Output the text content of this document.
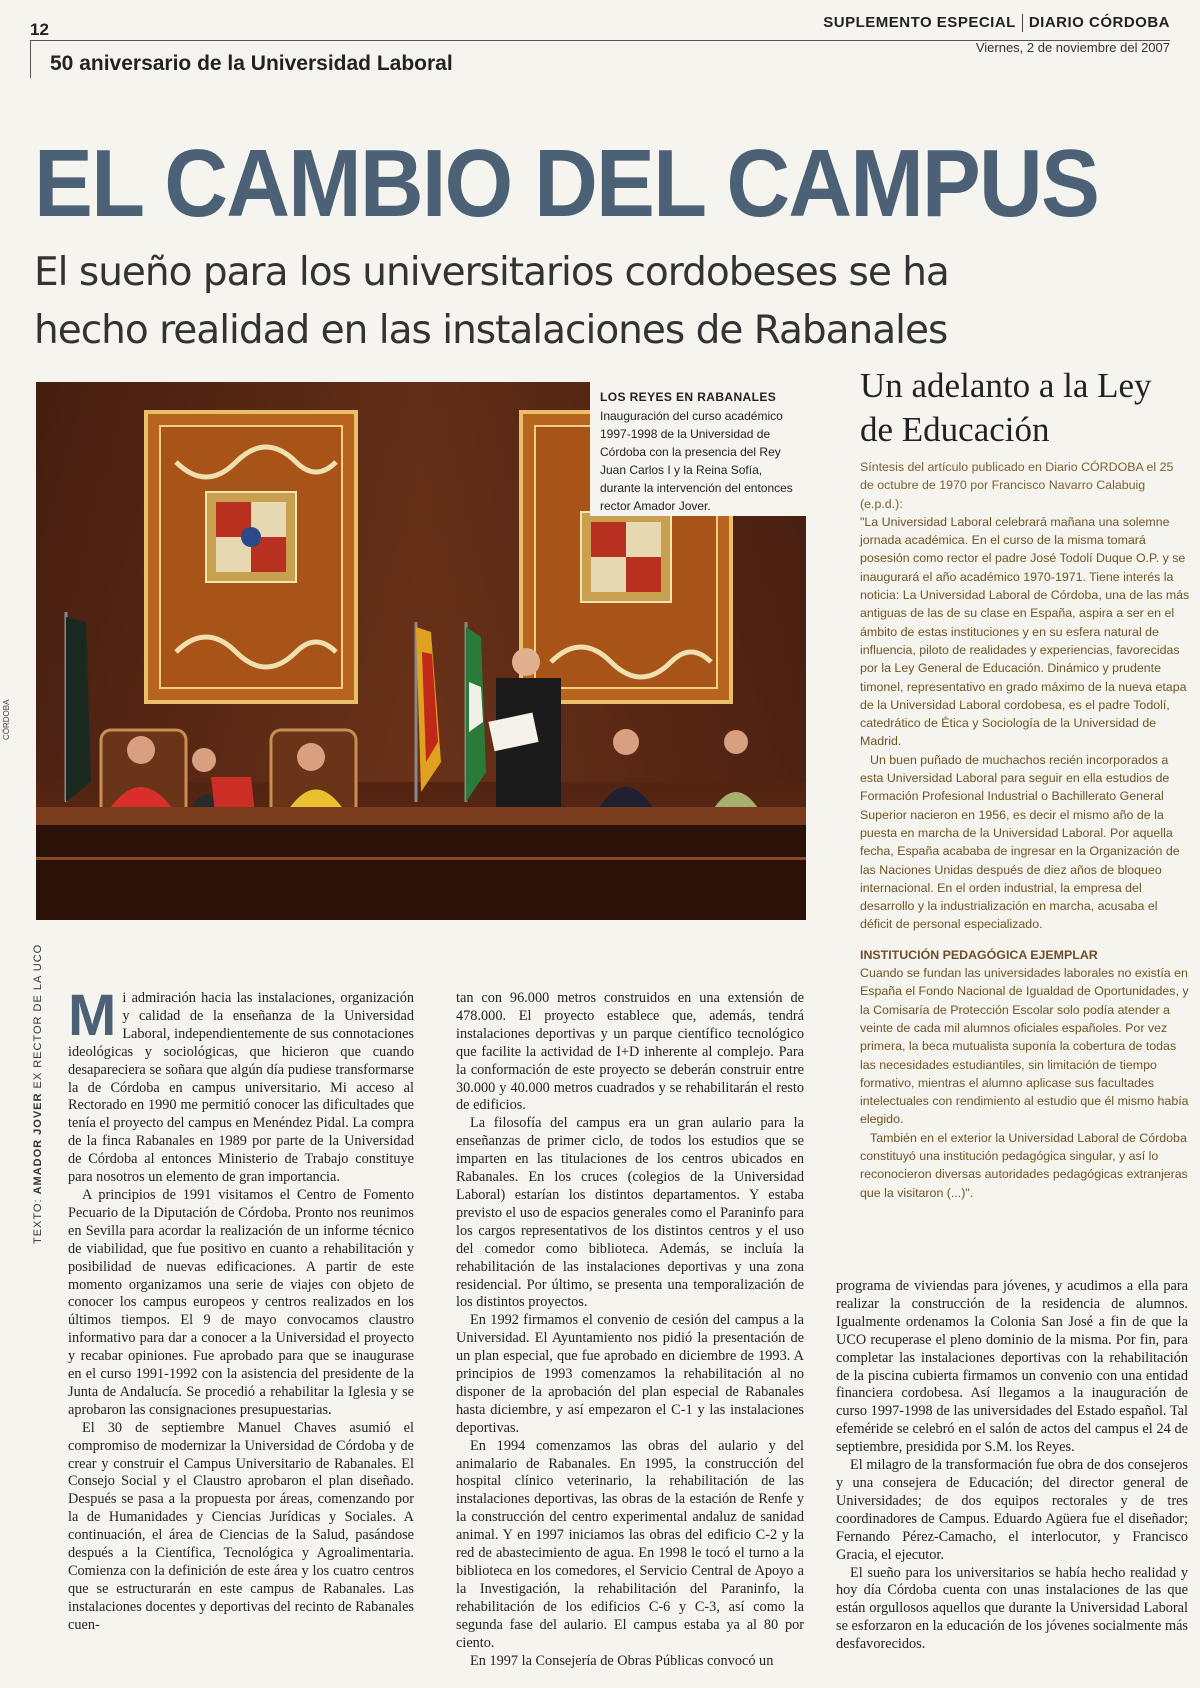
12
50 aniversario de la Universidad Laboral
SUPLEMENTO ESPECIAL DIARIO CÓRDOBA
Viernes, 2 de noviembre del 2007
EL CAMBIO DEL CAMPUS
El sueño para los universitarios cordobeses se ha hecho realidad en las instalaciones de Rabanales
LOS REYES EN RABANALES
Inauguración del curso académico 1997-1998 de la Universidad de Córdoba con la presencia del Rey Juan Carlos I y la Reina Sofía, durante la intervención del entonces rector Amador Jover.
Un adelanto a la Ley de Educación

Síntesis del artículo publicado en Diario CÓRDOBA el 25 de octubre de 1970 por Francisco Navarro Calabuig (e.p.d.):

"La Universidad Laboral celebrará mañana una solemne jornada académica. En el curso de la misma tomará posesión como rector el padre José Todolí Duque O.P. y se inaugurará el año académico 1970-1971. Tiene interés la noticia: La Universidad Laboral de Córdoba, una de las más antiguas de las de su clase en España, aspira a ser en el ámbito de estas instituciones y en su esfera natural de influencia, piloto de realidades y experiencias, favorecidas por la Ley General de Educación. Dinámico y prudente timonel, representativo en grado máximo de la nueva etapa de la Universidad Laboral cordobesa, es el padre Todolí, catedrático de Ética y Sociología de la Universidad de Madrid.

Un buen puñado de muchachos recién incorporados a esta Universidad Laboral para seguir en ella estudios de Formación Profesional Industrial o Bachillerato General Superior nacieron en 1956, es decir el mismo año de la puesta en marcha de la Universidad Laboral. Por aquella fecha, España acababa de ingresar en la Organización de las Naciones Unidas después de diez años de bloqueo internacional. En el orden industrial, la empresa del desarrollo y la industrialización en marcha, acusaba el déficit de personal especializado.

INSTITUCIÓN PEDAGÓGICA EJEMPLAR

Cuando se fundan las universidades laborales no existía en España el Fondo Nacional de Igualdad de Oportunidades, y la Comisaría de Protección Escolar solo podía atender a veinte de cada mil alumnos oficiales españoles. Por vez primera, la beca mutualista suponía la cobertura de todas las necesidades estudiantiles, sin limitación de tiempo formativo, mientras el alumno aplicase sus facultades intelectuales con rendimiento al estudio que él mismo había elegido.

También en el exterior la Universidad Laboral de Córdoba constituyó una institución pedagógica singular, y así lo reconocieron diversas autoridades pedagógicas extranjeras que la visitaron (...)".

CÓRDOBA
TEXTO: AMADOR JOVER EX RECTOR DE LA UCO Mi admiración hacia las instalaciones, organización y calidad de la enseñanza de la Universidad Laboral, independientemente de sus connotaciones ideológicas y sociológicas, que hicieron que cuando desapareciera se soñara que algún día pudiese transformarse la de Córdoba en campus universitario. Mi acceso al Rectorado en 1990 me permitió conocer las dificultades que tenía el proyecto del campus en Menéndez Pidal. La compra de la finca Rabanales en 1989 por parte de la Universidad de Córdoba al entonces Ministerio de Trabajo constituye para nosotros un elemento de gran importancia.

A principios de 1991 visitamos el Centro de Fomento Pecuario de la Diputación de Córdoba. Pronto nos reunimos en Sevilla para acordar la realización de un informe técnico de viabilidad, que fue positivo en cuanto a rehabilitación y posibilidad de nuevas edificaciones. A partir de este momento organizamos una serie de viajes con objeto de conocer los campus europeos y centros realizados en los últimos tiempos. El 9 de mayo convocamos claustro informativo para dar a conocer a la Universidad el proyecto y recabar opiniones. Fue aprobado para que se inaugurase en el curso 1991-1992 con la asistencia del presidente de la Junta de Andalucía. Se procedió a rehabilitar la Iglesia y se aprobaron las consignaciones presupuestarias.

El 30 de septiembre Manuel Chaves asumió el compromiso de modernizar la Universidad de Córdoba y de crear y construir el Campus Universitario de Rabanales. El Consejo Social y el Claustro aprobaron el plan diseñado. Después se pasa a la propuesta por áreas, comenzando por la de Humanidades y Ciencias Jurídicas y Sociales. A continuación, el área de Ciencias de la Salud, pasándose después a la Científica, Tecnológica y Agroalimentaria. Comienza con la definición de este área y los cuatro centros que se estructurarán en este campus de Rabanales. Las instalaciones docentes y deportivas del recinto de Rabanales cuen-

tan con 96.000 metros construidos en una extensión de 478.000. El proyecto establece que, además, tendrá instalaciones deportivas y un parque científico tecnológico que facilite la actividad de I+D inherente al complejo. Para la conformación de este proyecto se deberán construir entre 30.000 y 40.000 metros cuadrados y se rehabilitarán el resto de edificios.

La filosofía del campus era un gran aulario para la enseñanzas de primer ciclo, de todos los estudios que se imparten en las titulaciones de los centros ubicados en Rabanales. En los cruces (colegios de la Universidad Laboral) estarían los distintos departamentos. Y estaba previsto el uso de espacios generales como el Paraninfo para los cargos representativos de los distintos centros y el uso del comedor como biblioteca. Además, se incluía la rehabilitación de las instalaciones deportivas y una zona residencial. Por último, se presenta una temporalización de los distintos proyectos.

En 1992 firmamos el convenio de cesión del campus a la Universidad. El Ayuntamiento nos pidió la presentación de un plan especial, que fue aprobado en diciembre de 1993. A principios de 1993 comenzamos la rehabilitación al no disponer de la aprobación del plan especial de Rabanales hasta diciembre, y así empezaron el C-1 y las instalaciones deportivas.

En 1994 comenzamos las obras del aulario y del animalario de Rabanales. En 1995, la construcción del hospital clínico veterinario, la rehabilitación de las instalaciones deportivas, las obras de la estación de Renfe y la construcción del centro experimental andaluz de sanidad animal. Y en 1997 iniciamos las obras del edificio C-2 y la red de abastecimiento de agua. En 1998 le tocó el turno a la biblioteca en los comedores, el Servicio Central de Apoyo a la Investigación, la rehabilitación del Paraninfo, la rehabilitación de los edificios C-6 y C-3, así como la segunda fase del aulario. El campus estaba ya al 80 por ciento.

En 1997 la Consejería de Obras Públicas convocó un

programa de viviendas para jóvenes, y acudimos a ella para realizar la construcción de la residencia de alumnos. Igualmente ordenamos la Colonia San José a fin de que la UCO recuperase el pleno dominio de la misma. Por fin, para completar las instalaciones deportivas con la rehabilitación de la piscina cubierta firmamos un convenio con una entidad financiera cordobesa. Así llegamos a la inauguración de curso 1997-1998 de las universidades del Estado español. Tal efeméride se celebró en el salón de actos del campus el 24 de septiembre, presidida por S.M. los Reyes.

El milagro de la transformación fue obra de dos consejeros y una consejera de Educación; del director general de Universidades; de dos equipos rectorales y de tres coordinadores de Campus. Eduardo Agüera fue el diseñador; Fernando Pérez-Camacho, el interlocutor, y Francisco Gracia, el ejecutor.

El sueño para los universitarios se había hecho realidad y hoy día Córdoba cuenta con unas instalaciones de las que están orgullosos aquellos que durante la Universidad Laboral se esforzaron en la educación de los jóvenes socialmente más desfavorecidos.
